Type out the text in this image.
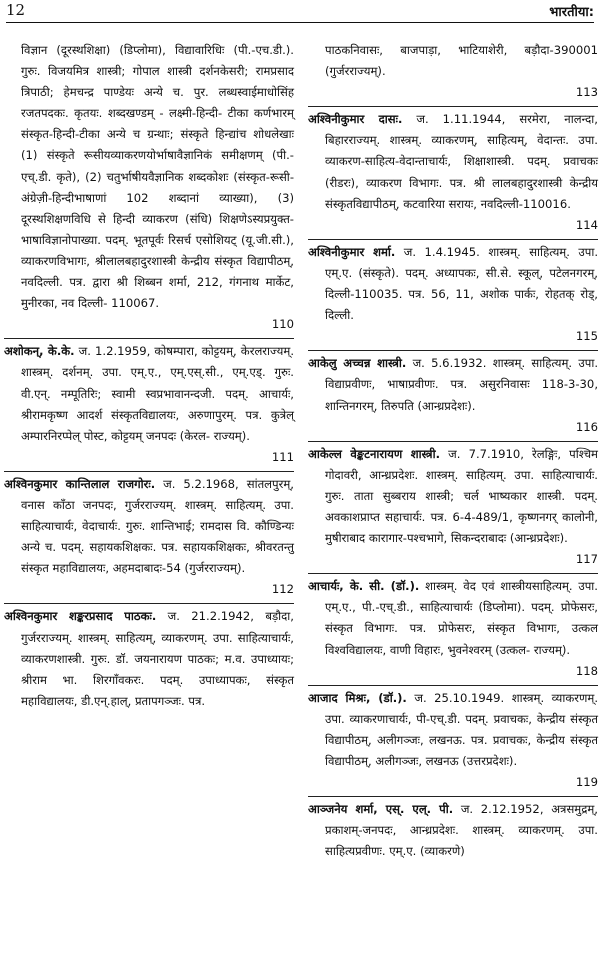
12	भारतीया:
विज्ञान (दूरस्थशिक्षा) (डिप्लोमा), विद्यावारिधिः (पी.-एच.डी.). गुरुः. विजयमित्र शास्त्री; गोपाल शास्त्री दर्शनकेसरी; रामप्रसाद त्रिपाठी; हेमचन्द्र पाण्डेयः अन्ये च. पुर. लब्धस्वाईमाधोसिंह रजतपदकः. कृतयः. शब्दखण्डम् - लक्ष्मी-हिन्दी- टीका कर्णभारम् संस्कृत-हिन्दी-टीका अन्ये च ग्रन्थाः; संस्कृते हिन्द्यांच शोधलेखाः (1) संस्कृते रूसीयव्याकरणयोर्भाषावैज्ञानिकं समीक्षणम् (पी.-एच्.डी. कृते), (2) चतुर्भाषीयवैज्ञानिक शब्दकोशः (संस्कृत-रूसी-अंग्रेज़ी-हिन्दीभाषाणां 102 शब्दानां व्याख्या), (3) दूरस्थशिक्षणविधि से हिन्दी व्याकरण (संधि) शिक्षणेऽस्यप्रयुक्त-भाषाविज्ञानोपाख्या. पदम्. भूतपूर्वः रिसर्च एसोशियट् (यू.जी.सी.), व्याकरणविभागः, श्रीलालबहादुरशास्त्री केन्द्रीय संस्कृत विद्यापीठम्, नवदिल्ली. पत्र. द्वारा श्री शिब्बन शर्मा, 212, गंगनाथ मार्केट, मुनीरका, नव दिल्ली- 110067.
110
अशोकन्, के.के. ज. 1.2.1959, कोषम्पारा, कोट्टयम्, केरलराज्यम्. शास्त्रम्. दर्शनम्. उपा. एम्.ए., एम्.एस्.सी., एम्.एड्. गुरुः. वी.एन्. नम्पूतिरिः; स्वामी स्वप्रभावानन्दजी. पदम्. आचार्यः, श्रीरामकृष्ण आदर्श संस्कृतविद्यालयः, अरुणापुरम्. पत्र. कुत्रेल् अम्पारनिरप्पेल् पोस्ट, कोट्टयम् जनपदः (केरल- राज्यम्).
111
अश्विनकुमार कान्तिलाल राजगोरः. ज. 5.2.1968, सांतलपुरम्, वनास काँठा जनपदः, गुर्जरराज्यम्. शास्त्रम्. साहित्यम्. उपा. साहित्याचार्यः, वेदाचार्यः. गुरुः. शान्तिभाई; रामदास वि. कौण्डिन्यः अन्ये च. पदम्. सहायकशिक्षकः. पत्र. सहायकशिक्षकः, श्रीवरतन्तु संस्कृत महाविद्यालयः, अहमदाबादः-54 (गुर्जरराज्यम्).
112
अश्विनकुमार शङ्करप्रसाद पाठकः. ज. 21.2.1942, बड़ौदा, गुर्जरराज्यम्. शास्त्रम्. साहित्यम्, व्याकरणम्. उपा. साहित्याचार्यः, व्याकरणशास्त्री. गुरुः. डॉ. जयनारायण पाठकः; म.व. उपाध्यायः; श्रीराम भा. शिरगाँवकरः. पदम्. उपाध्यापकः, संस्कृत महाविद्यालयः, डी.एन्.हाल्, प्रतापगञ्जः. पत्र.
पाठकनिवासः, बाजपाड़ा, भाटियाशेरी, बड़ौदा-390001 (गुर्जरराज्यम्).
113
अश्विनीकुमार दासः. ज. 1.11.1944, सरमेरा, नालन्दा, बिहारराज्यम्. शास्त्रम्. व्याकरणम्, साहित्यम्, वेदान्तः. उपा. व्याकरण-साहित्य-वेदान्ताचार्यः, शिक्षाशास्त्री. पदम्. प्रवाचकः (रीडरः), व्याकरण विभागः. पत्र. श्री लालबहादुरशास्त्री केन्द्रीय संस्कृतविद्यापीठम्, कटवारिया सरायः, नवदिल्ली-110016.
114
अश्विनीकुमार शर्मा. ज. 1.4.1945. शास्त्रम्. साहित्यम्. उपा. एम्.ए. (संस्कृते). पदम्. अध्यापकः, सी.से. स्कूल्, पटेलनगरम्, दिल्ली-110035. पत्र. 56, 11, अशोक पार्कः, रोहतक् रोड्, दिल्ली.
115
आकेलु अच्चन्न शास्त्री. ज. 5.6.1932. शास्त्रम्. साहित्यम्. उपा. विद्याप्रवीणः, भाषाप्रवीणः. पत्र. असुरनिवासः 118-3-30, शान्तिनगरम्, तिरुपति (आन्ध्रप्रदेशः).
116
आकेल्ल वेङ्कटनारायण शास्त्री. ज. 7.7.1910, रेलङ्गिः, पश्चिम गोदावरी, आन्ध्रप्रदेशः. शास्त्रम्. साहित्यम्. उपा. साहित्याचार्यः. गुरुः. ताता सुब्बराय शास्त्री; चर्ल भाष्यकार शास्त्री. पदम्. अवकाशप्राप्त सहाचार्यः. पत्र. 6-4-489/1, कृष्णनगर् कालोनी, मुषीराबाद कारागार-पश्चभागे, सिकन्दराबादः (आन्ध्रप्रदेशः).
117
आचार्यः, के. सी. (डॉ.). शास्त्रम्. वेद एवं शास्त्रीयसाहित्यम्. उपा. एम्.ए., पी.-एच्.डी., साहित्याचार्यः (डिप्लोमा). पदम्. प्रोफेसरः, संस्कृत विभागः. पत्र. प्रोफेसरः, संस्कृत विभागः, उत्कल विश्वविद्यालयः, वाणी विहारः, भुवनेश्वरम् (उत्कल- राज्यम्).
118
आजाद मिश्रः, (डॉ.). ज. 25.10.1949. शास्त्रम्. व्याकरणम्. उपा. व्याकरणाचार्यः, पी-एच्.डी. पदम्. प्रवाचकः, केन्द्रीय संस्कृत विद्यापीठम्, अलीगञ्जः, लखनऊ. पत्र. प्रवाचकः, केन्द्रीय संस्कृत विद्यापीठम्, अलीगञ्जः, लखनऊ (उत्तरप्रदेशः).
119
आञ्जनेय शर्मा, एस्. एल्. पी. ज. 2.12.1952, अत्रसमुद्रम्, प्रकाशम्-जनपदः, आन्ध्रप्रदेशः. शास्त्रम्. व्याकरणम्. उपा. साहित्यप्रवीणः. एम्.ए. (व्याकरणे)
